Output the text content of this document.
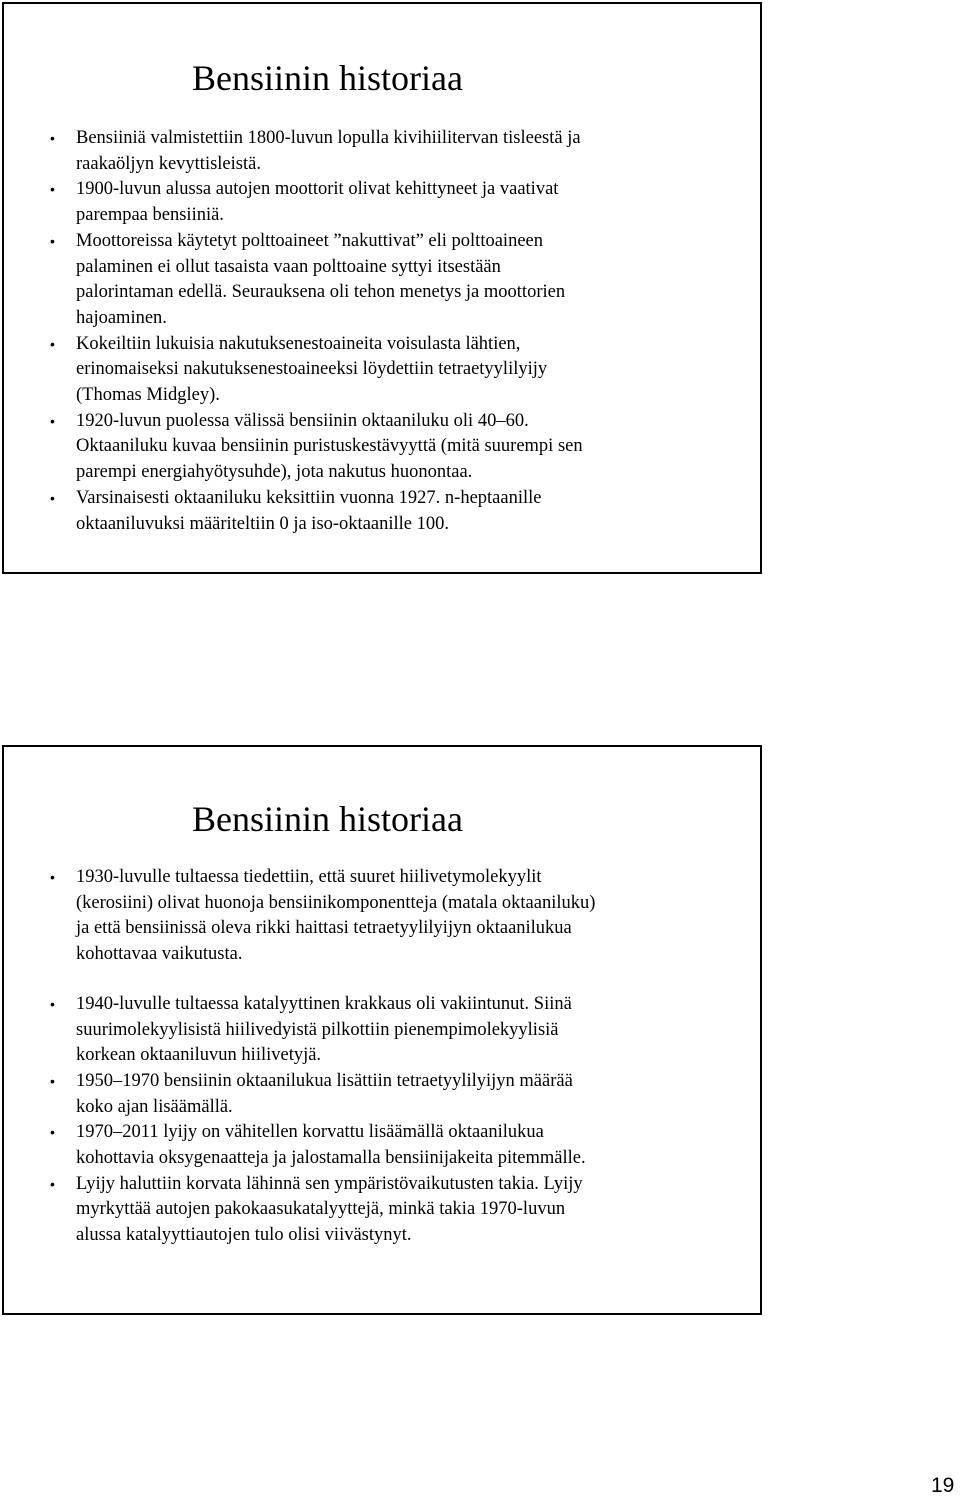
Bensiinin historiaa
• Bensiiniä valmistettiin 1800-luvun lopulla kivihiilitervan tisleestä ja
raakaöljyn kevyttisleistä.
• 1900-luvun alussa autojen moottorit olivat kehittyneet ja vaativat
parempaa bensiiniä.
• Moottoreissa käytetyt polttoaineet ”nakuttivat” eli polttoaineen
palaminen ei ollut tasaista vaan polttoaine syttyi itsestään
palorintaman edellä. Seurauksena oli tehon menetys ja moottorien
hajoaminen.
• Kokeiltiin lukuisia nakutuksenestoaineita voisulasta lähtien,
erinomaiseksi nakutuksenestoaineeksi löydettiin tetraetyylilyijy
(Thomas Midgley).
• 1920-luvun puolessa välissä bensiinin oktaaniluku oli 40–60.
Oktaaniluku kuvaa bensiinin puristuskestävyyttä (mitä suurempi sen
parempi energiahyötysuhde), jota nakutus huonontaa.
• Varsinaisesti oktaaniluku keksittiin vuonna 1927. n-heptaanille
oktaaniluvuksi määriteltiin 0 ja iso-oktaanille 100.
Bensiinin historiaa
• 1930-luvulle tultaessa tiedettiin, että suuret hiilivetymolekyylit
(kerosiini) olivat huonoja bensiinikomponentteja (matala oktaaniluku)
ja että bensiinissä oleva rikki haittasi tetraetyylilyijyn oktaanilukua
kohottavaa vaikutusta.
• 1940-luvulle tultaessa katalyyttinen krakkaus oli vakiintunut. Siinä
suurimolekyylisistä hiilivedyistä pilkottiin pienempimolekyylisiä
korkean oktaaniluvun hiilivetyjä.
• 1950–1970 bensiinin oktaanilukua lisättiin tetraetyylilyijyn määrää
koko ajan lisäämällä.
• 1970–2011 lyijy on vähitellen korvattu lisäämällä oktaanilukua
kohottavia oksygenaatteja ja jalostamalla bensiinijakeita pitemmälle.
• Lyijy haluttiin korvata lähinnä sen ympäristövaikutusten takia. Lyijy
myrkyttää autojen pakokaasukatalyyttejä, minkä takia 1970-luvun
alussa katalyyttiautojen tulo olisi viivästynyt.
19
